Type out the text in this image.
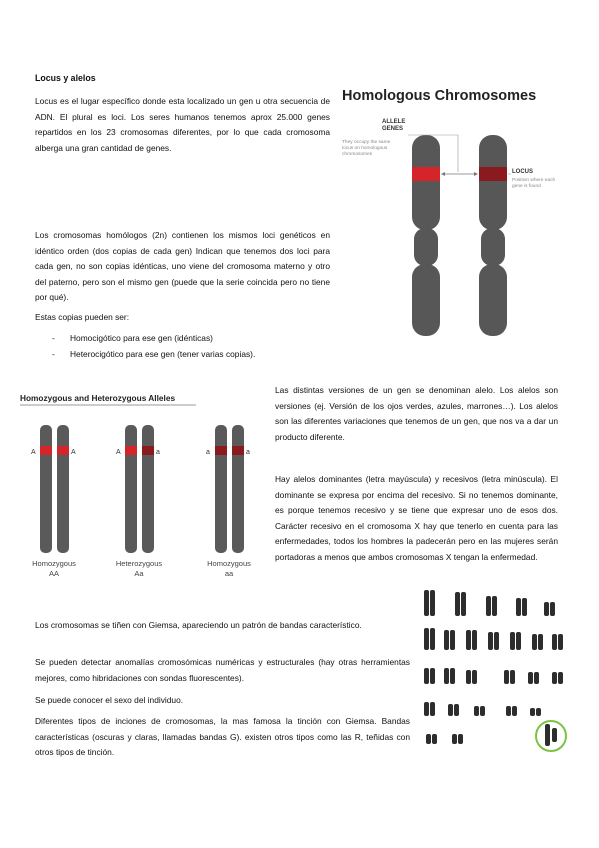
Locus y alelos

Locus es el lugar específico donde esta localizado un gen u otra secuencia de ADN. El plural es loci. Los seres humanos tenemos aprox 25.000 genes repartidos en los 23 cromosomas diferentes, por lo que cada cromosoma alberga una gran cantidad de genes.

Homologous Chromosomes
ALLELE GENES
They occupy the same locus on homologous chromosomes
LOCUS
Position where each gene is found

Los cromosomas homólogos (2n) contienen los mismos loci genéticos en idéntico orden (dos copias de cada gen) Indican que tenemos dos loci para cada gen, no son copias idénticas, uno viene del cromosoma materno y otro del paterno, pero son el mismo gen (puede que la serie coincida pero no tiene por qué).

Estas copias pueden ser:

- Homocigótico para ese gen (idénticas)
- Heterocigótico para ese gen (tener varias copias).
Homozygous and Heterozygous Alleles
A	A
Homozygous
AA
A	a
Heterozygous
Aa
a	a
Homozygous
aa

Las distintas versiones de un gen se denominan alelo. Los alelos son versiones (ej. Versión de los ojos verdes, azules, marrones…). Los alelos son las diferentes variaciones que tenemos de un gen, que nos va a dar un producto diferente.

Hay alelos dominantes (letra mayúscula) y recesivos (letra minúscula). El dominante se expresa por encima del recesivo. Si no tenemos dominante, es porque tenemos recesivo y se tiene que expresar uno de esos dos. Carácter recesivo en el cromosoma X hay que tenerlo en cuenta para las enfermedades, todos los hombres la padecerán pero en las mujeres serán portadoras a menos que ambos cromosomas X tengan la enfermedad.

Los cromosomas se tiñen con Giemsa, apareciendo un patrón de bandas característico.

Se pueden detectar anomalías cromosómicas numéricas y estructurales (hay otras herramientas mejores, como hibridaciones con sondas fluorescentes).

Se puede conocer el sexo del individuo.

Diferentes tipos de inciones de cromosomas, la mas famosa la tinción con Giemsa. Bandas características (oscuras y claras, llamadas bandas G). existen otros tipos como las R, teñidas con otros tipos de tinción.
